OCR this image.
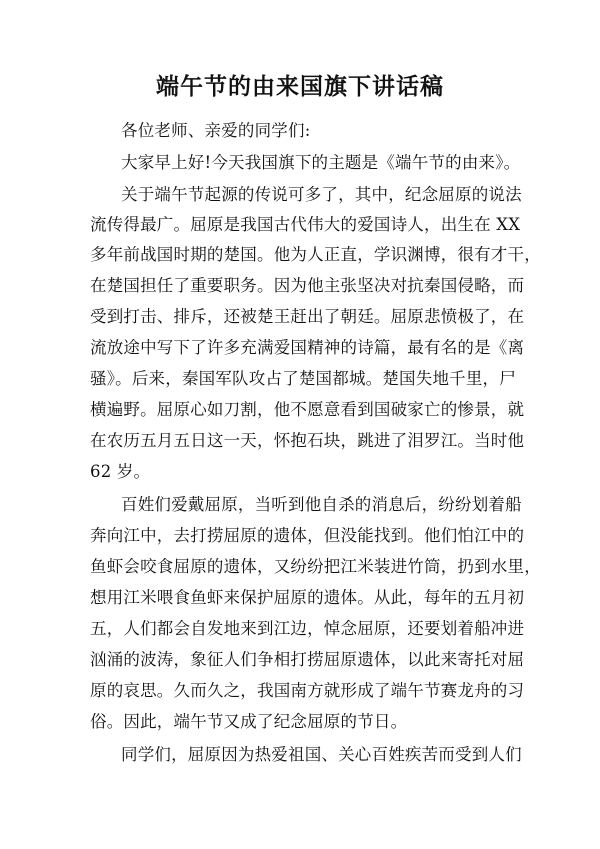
端午节的由来国旗下讲话稿
各位老师、亲爱的同学们:
大家早上好!今天我国旗下的主题是《端午节的由来》。
关于端午节起源的传说可多了，其中，纪念屈原的说法
流传得最广。屈原是我国古代伟大的爱国诗人，出生在 XX
多年前战国时期的楚国。他为人正直，学识渊博，很有才干，
在楚国担任了重要职务。因为他主张坚决对抗秦国侵略，而
受到打击、排斥，还被楚王赶出了朝廷。屈原悲愤极了，在
流放途中写下了许多充满爱国精神的诗篇，最有名的是《离
骚》。后来，秦国军队攻占了楚国都城。楚国失地千里，尸
横遍野。屈原心如刀割，他不愿意看到国破家亡的惨景，就
在农历五月五日这一天，怀抱石块，跳进了泪罗江。当时他
62 岁。
百姓们爱戴屈原，当听到他自杀的消息后，纷纷划着船
奔向江中，去打捞屈原的遗体，但没能找到。他们怕江中的
鱼虾会咬食屈原的遗体，又纷纷把江米装进竹筒，扔到水里，
想用江米喂食鱼虾来保护屈原的遗体。从此，每年的五月初
五，人们都会自发地来到江边，悼念屈原，还要划着船冲进
汹涌的波涛，象征人们争相打捞屈原遗体，以此来寄托对屈
原的哀思。久而久之，我国南方就形成了端午节赛龙舟的习
俗。因此，端午节又成了纪念屈原的节日。
同学们，屈原因为热爱祖国、关心百姓疾苦而受到人们
